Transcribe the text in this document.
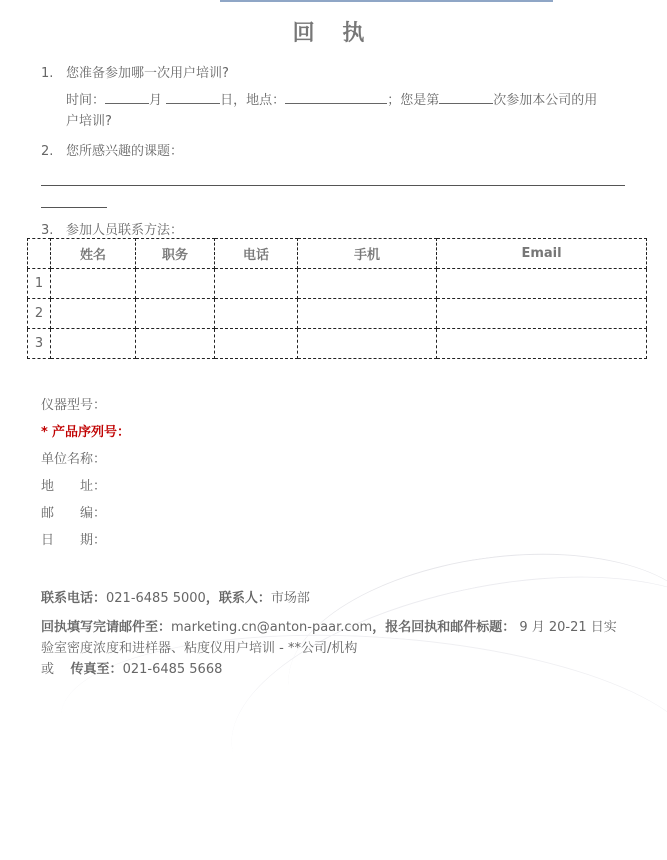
回 执
1. 您准备参加哪一次用户培训?
时间：	月	日，地点：	；您是第	次参加本公司的用
户培训?
2. 您所感兴趣的课题：
3. 参加人员联系方法：
	姓名	职务	电话	手机	Email
1					
2					
3					
仪器型号：
* 产品序列号：
单位名称：
地　　址：
邮　　编：
日　　期：
联系电话：021-6485 5000，联系人：市场部
回执填写完请邮件至：marketing.cn@anton-paar.com，报名回执和邮件标题： 9 月 20-21 日实
验室密度浓度和进样器、粘度仪用户培训 - **公司/机构
或 传真至：021-6485 5668
